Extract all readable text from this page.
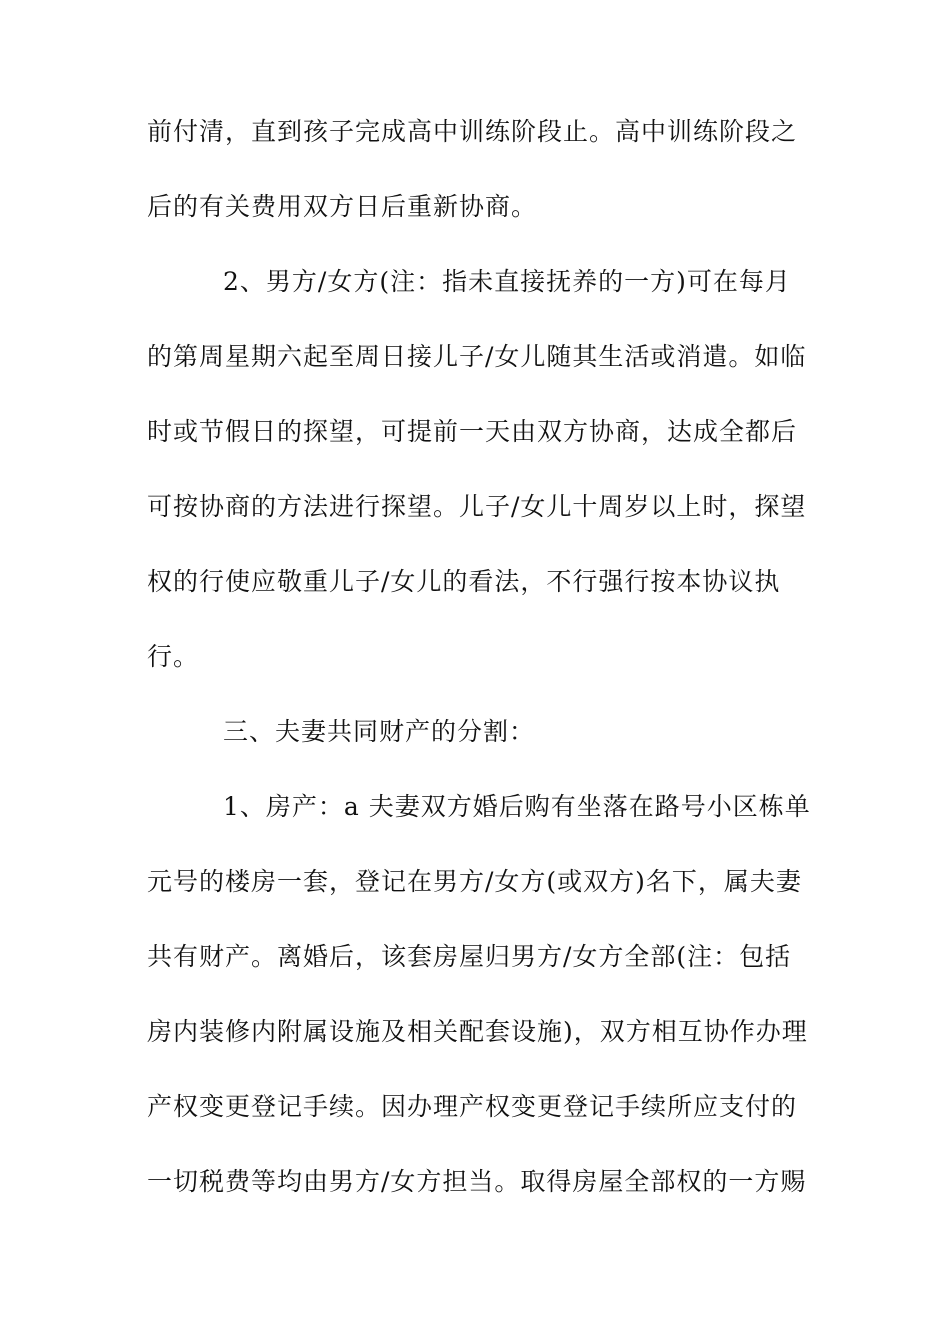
前付清，直到孩子完成高中训练阶段止。高中训练阶段之
后的有关费用双方日后重新协商。
2、男方/女方(注：指未直接抚养的一方)可在每月
的第周星期六起至周日接儿子/女儿随其生活或消遣。如临
时或节假日的探望，可提前一天由双方协商，达成全都后
可按协商的方法进行探望。儿子/女儿十周岁以上时，探望
权的行使应敬重儿子/女儿的看法，不行强行按本协议执
行。
三、夫妻共同财产的分割：
1、房产：a 夫妻双方婚后购有坐落在路号小区栋单
元号的楼房一套，登记在男方/女方(或双方)名下，属夫妻
共有财产。离婚后，该套房屋归男方/女方全部(注：包括
房内装修内附属设施及相关配套设施)，双方相互协作办理
产权变更登记手续。因办理产权变更登记手续所应支付的
一切税费等均由男方/女方担当。取得房屋全部权的一方赐
